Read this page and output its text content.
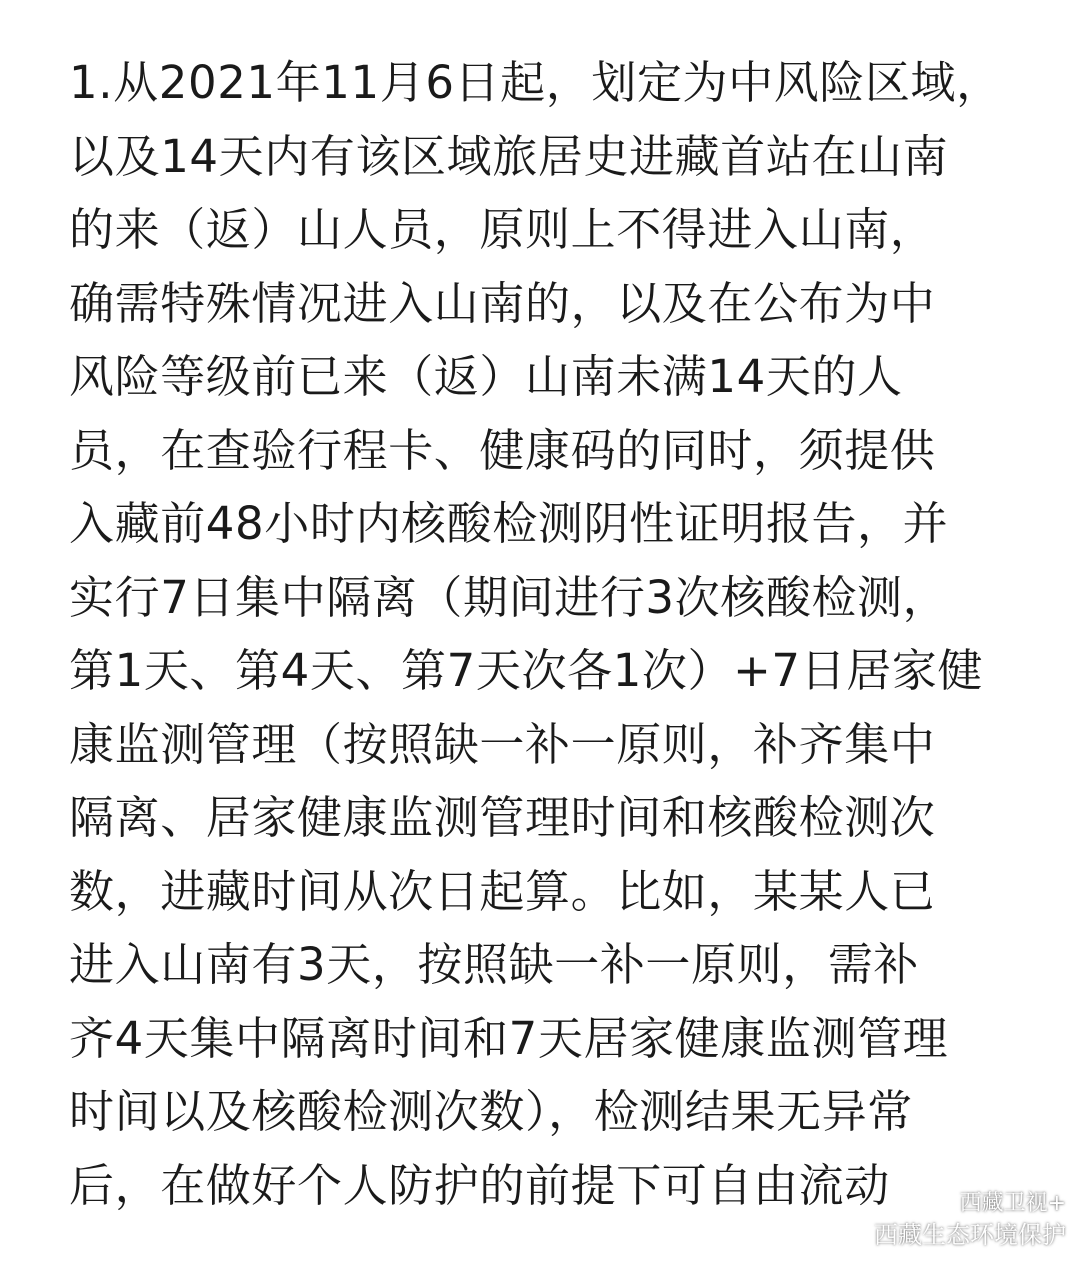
1.从2021年11月6日起，划定为中风险区域，
以及14天内有该区域旅居史进藏首站在山南
的来（返）山人员，原则上不得进入山南，
确需特殊情况进入山南的，以及在公布为中
风险等级前已来（返）山南未满14天的人
员，在查验行程卡、健康码的同时，须提供
入藏前48小时内核酸检测阴性证明报告，并
实行7日集中隔离（期间进行3次核酸检测，
第1天、第4天、第7天次各1次）+7日居家健
康监测管理（按照缺一补一原则，补齐集中
隔离、居家健康监测管理时间和核酸检测次
数，进藏时间从次日起算。比如，某某人已
进入山南有3天，按照缺一补一原则，需补
齐4天集中隔离时间和7天居家健康监测管理
时间以及核酸检测次数），检测结果无异常
后，在做好个人防护的前提下可自由流动	西藏卫视+
西藏生态环境保护
